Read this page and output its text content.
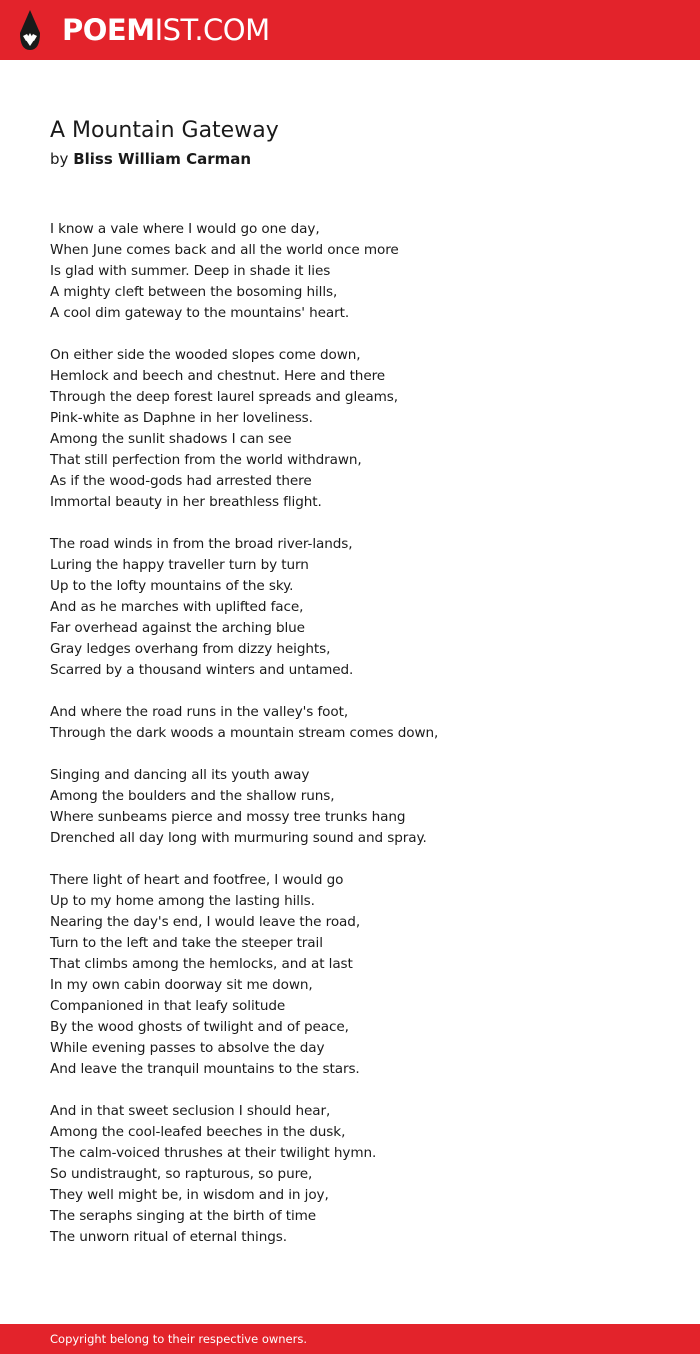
POEMIST.COM
A Mountain Gateway
by Bliss William Carman
I know a vale where I would go one day,
When June comes back and all the world once more
Is glad with summer. Deep in shade it lies
A mighty cleft between the bosoming hills,
A cool dim gateway to the mountains' heart.
On either side the wooded slopes come down,
Hemlock and beech and chestnut. Here and there
Through the deep forest laurel spreads and gleams,
Pink-white as Daphne in her loveliness.
Among the sunlit shadows I can see
That still perfection from the world withdrawn,
As if the wood-gods had arrested there
Immortal beauty in her breathless flight.
The road winds in from the broad river-lands,
Luring the happy traveller turn by turn
Up to the lofty mountains of the sky.
And as he marches with uplifted face,
Far overhead against the arching blue
Gray ledges overhang from dizzy heights,
Scarred by a thousand winters and untamed.
And where the road runs in the valley's foot,
Through the dark woods a mountain stream comes down,
Singing and dancing all its youth away
Among the boulders and the shallow runs,
Where sunbeams pierce and mossy tree trunks hang
Drenched all day long with murmuring sound and spray.
There light of heart and footfree, I would go
Up to my home among the lasting hills.
Nearing the day's end, I would leave the road,
Turn to the left and take the steeper trail
That climbs among the hemlocks, and at last
In my own cabin doorway sit me down,
Companioned in that leafy solitude
By the wood ghosts of twilight and of peace,
While evening passes to absolve the day
And leave the tranquil mountains to the stars.
And in that sweet seclusion I should hear,
Among the cool-leafed beeches in the dusk,
The calm-voiced thrushes at their twilight hymn.
So undistraught, so rapturous, so pure,
They well might be, in wisdom and in joy,
The seraphs singing at the birth of time
The unworn ritual of eternal things.
Copyright belong to their respective owners.
